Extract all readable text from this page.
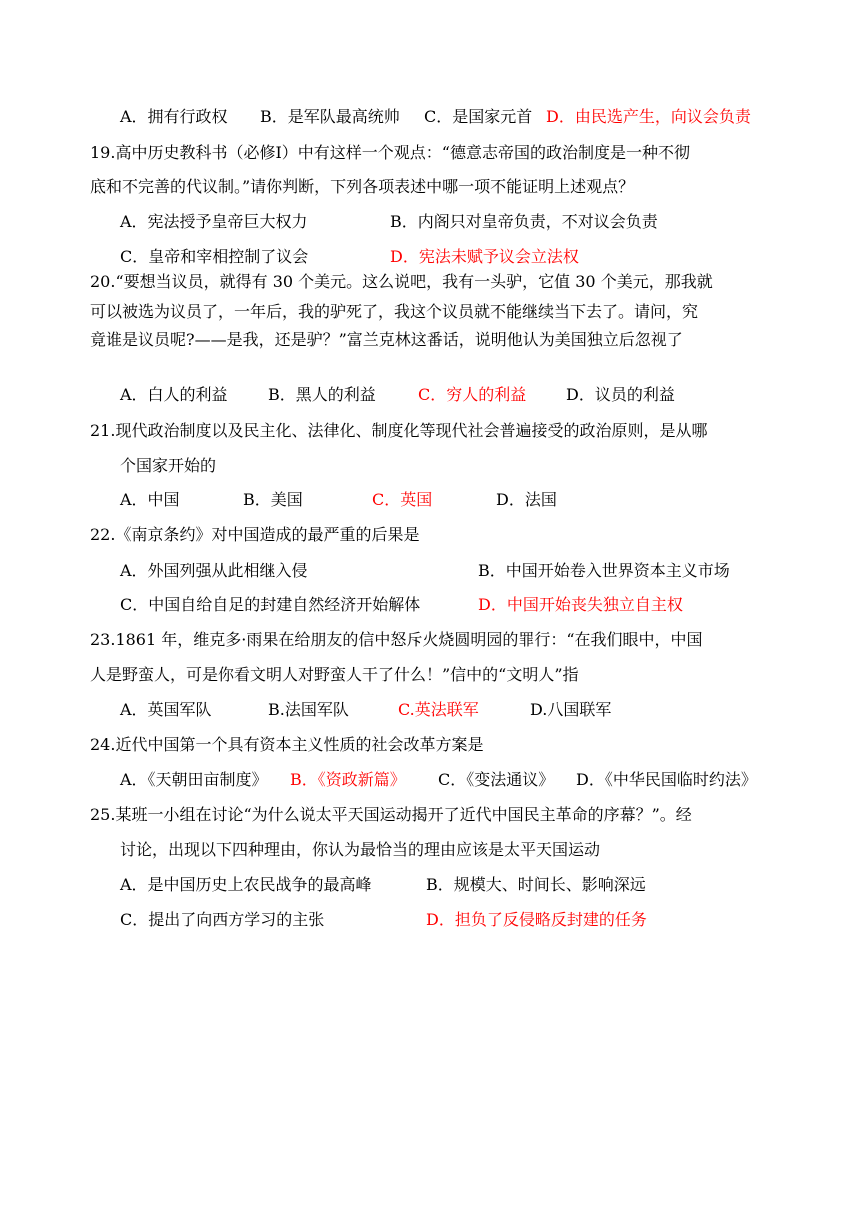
A．拥有行政权 B．是军队最高统帅 C．是国家元首 D．由民选产生，向议会负责
19.高中历史教科书（必修Ⅰ）中有这样一个观点：“德意志帝国的政治制度是一种不彻
底和不完善的代议制。”请你判断，下列各项表述中哪一项不能证明上述观点？
A．宪法授予皇帝巨大权力	B．内阁只对皇帝负责，不对议会负责
C．皇帝和宰相控制了议会	D．宪法未赋予议会立法权
20.“要想当议员，就得有 30 个美元。这么说吧，我有一头驴，它值 30 个美元，那我就
可以被选为议员了，一年后，我的驴死了，我这个议员就不能继续当下去了。请问，究
竟谁是议员呢?——是我，还是驴？”富兰克林这番话，说明他认为美国独立后忽视了
A．白人的利益	B．黑人的利益	C．穷人的利益 D．议员的利益
21.现代政治制度以及民主化、法律化、制度化等现代社会普遍接受的政治原则，是从哪
个国家开始的
A．中国	B．美国	C．英国	D．法国
22.《南京条约》对中国造成的最严重的后果是
A．外国列强从此相继入侵	B．中国开始卷入世界资本主义市场
C．中国自给自足的封建自然经济开始解体	D．中国开始丧失独立自主权
23.1861 年，维克多·雨果在给朋友的信中怒斥火烧圆明园的罪行：“在我们眼中，中国
人是野蛮人，可是你看文明人对野蛮人干了什么！”信中的“文明人”指
A．英国军队	B.法国军队	C.英法联军	D.八国联军
24.近代中国第一个具有资本主义性质的社会改革方案是
A．《天朝田亩制度》 B．《资政新篇》 C．《变法通议》 D．《中华民国临时约法》
25.某班一小组在讨论“为什么说太平天国运动揭开了近代中国民主革命的序幕？”。经
讨论，出现以下四种理由，你认为最恰当的理由应该是太平天国运动
A．是中国历史上农民战争的最高峰	B．规模大、时间长、影响深远
C．提出了向西方学习的主张	D．担负了反侵略反封建的任务
